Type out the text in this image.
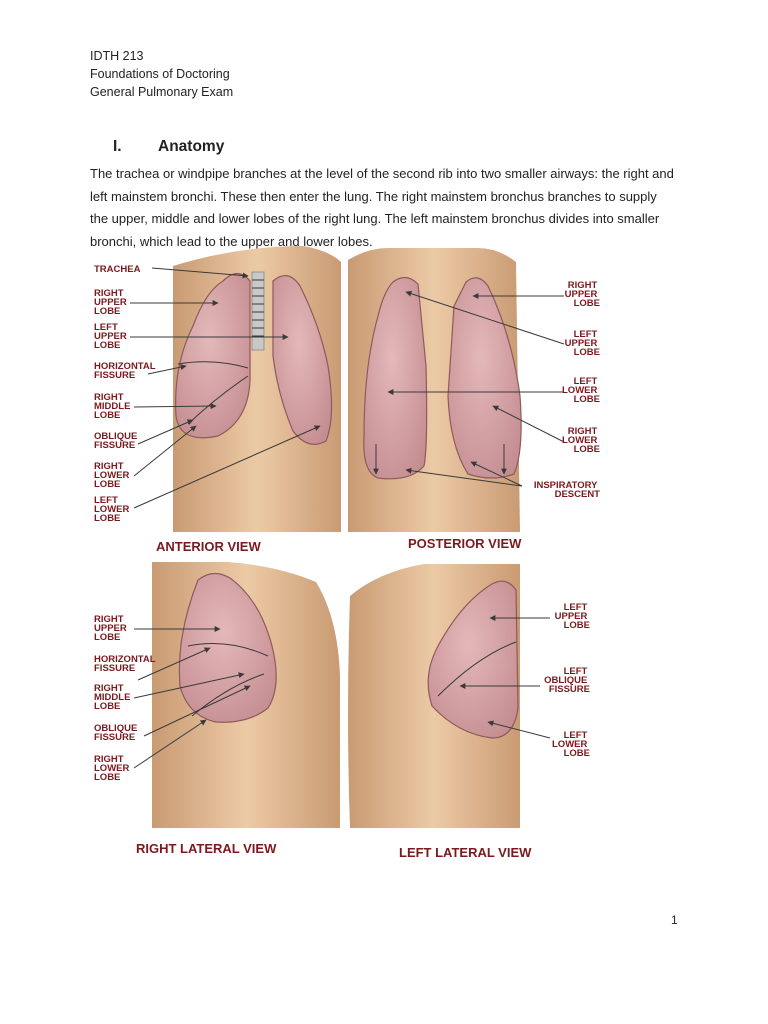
IDTH 213
Foundations of Doctoring
General Pulmonary Exam
I. Anatomy
The trachea or windpipe branches at the level of the second rib into two smaller airways: the right and left mainstem bronchi. These then enter the lung. The right mainstem bronchus branches to supply the upper, middle and lower lobes of the right lung. The left mainstem bronchus divides into smaller bronchi, which lead to the upper and lower lobes.
TRACHEA
RIGHT UPPER LOBE
LEFT UPPER LOBE
HORIZONTAL FISSURE
RIGHT MIDDLE LOBE
OBLIQUE FISSURE
RIGHT LOWER LOBE
LEFT LOWER LOBE
ANTERIOR VIEW
RIGHT UPPER LOBE
LEFT UPPER LOBE
LEFT LOWER LOBE
RIGHT LOWER LOBE
INSPIRATORY DESCENT
POSTERIOR VIEW
RIGHT UPPER LOBE
HORIZONTAL FISSURE
RIGHT MIDDLE LOBE
OBLIQUE FISSURE
RIGHT LOWER LOBE
RIGHT LATERAL VIEW
LEFT UPPER LOBE
LEFT OBLIQUE FISSURE
LEFT LOWER LOBE
LEFT LATERAL VIEW
1
